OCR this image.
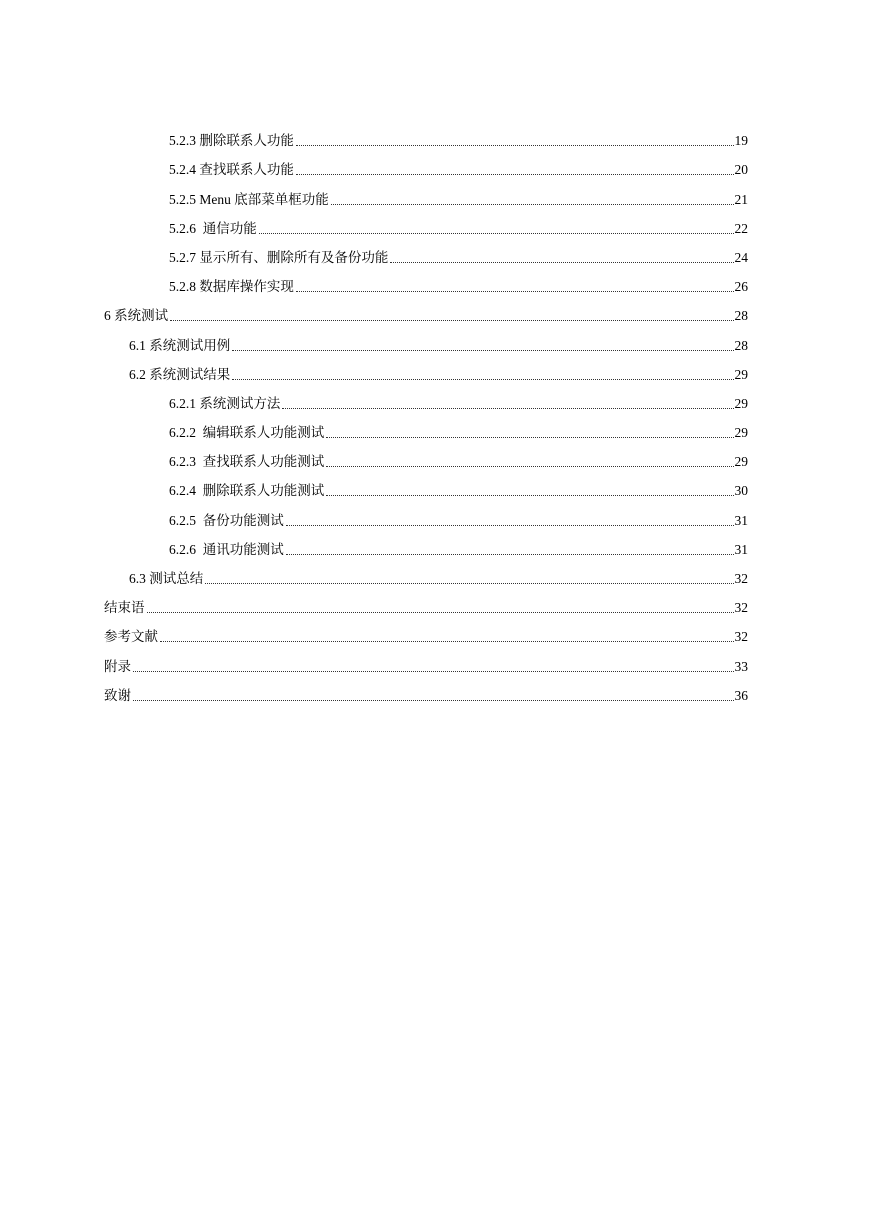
5.2.3 删除联系人功能	19
5.2.4 查找联系人功能	20
5.2.5 Menu 底部菜单框功能	21
5.2.6  通信功能	22
5.2.7 显示所有、删除所有及备份功能	24
5.2.8 数据库操作实现	26
6 系统测试	28
6.1 系统测试用例	28
6.2 系统测试结果	29
6.2.1 系统测试方法	29
6.2.2  编辑联系人功能测试	29
6.2.3  查找联系人功能测试	29
6.2.4  删除联系人功能测试	30
6.2.5  备份功能测试	31
6.2.6  通讯功能测试	31
6.3 测试总结	32
结束语	32
参考文献	32
附录	33
致谢	36
